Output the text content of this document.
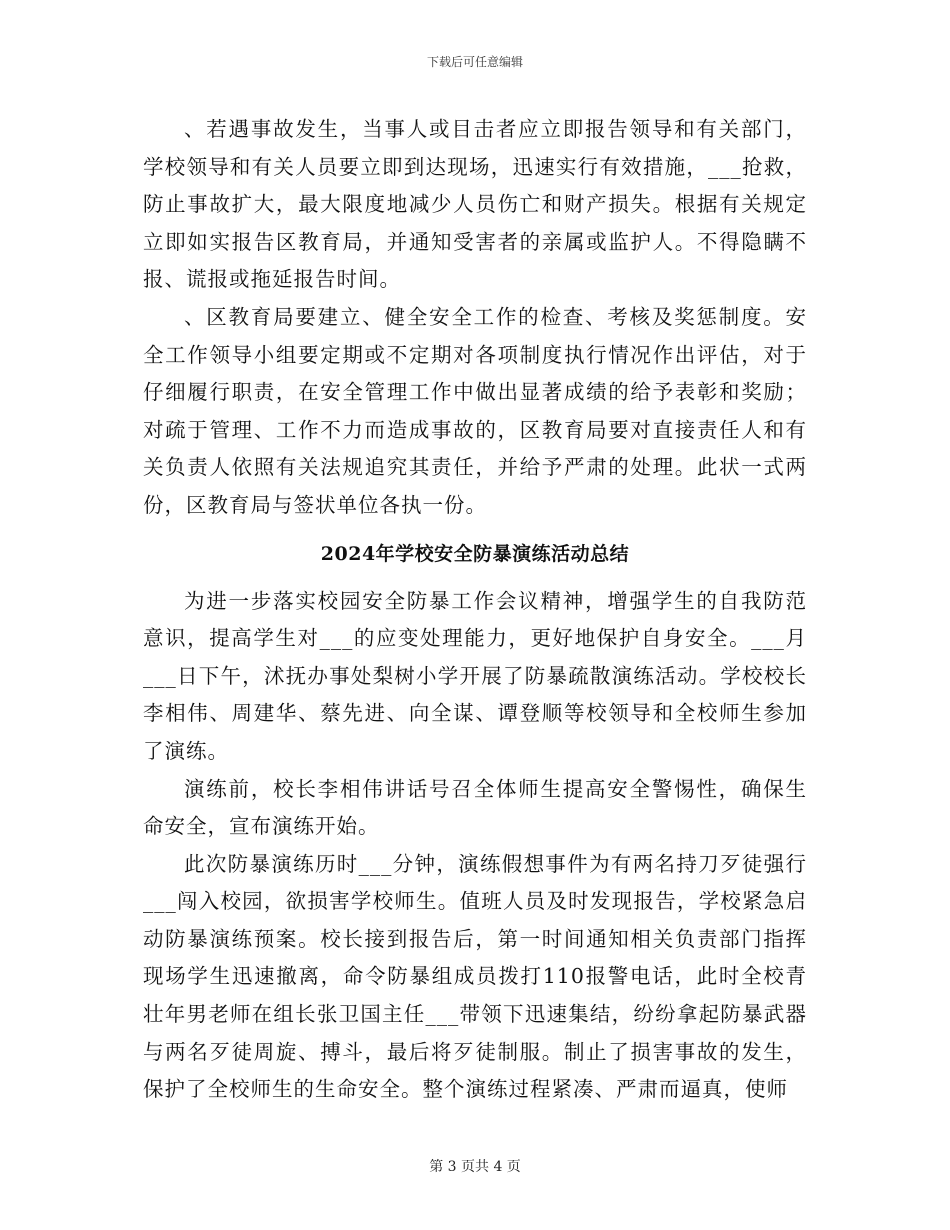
下载后可任意编辑

、若遇事故发生，当事人或目击者应立即报告领导和有关部门，学校领导和有关人员要立即到达现场，迅速实行有效措施，___抢救，防止事故扩大，最大限度地减少人员伤亡和财产损失。根据有关规定立即如实报告区教育局，并通知受害者的亲属或监护人。不得隐瞒不报、谎报或拖延报告时间。

、区教育局要建立、健全安全工作的检查、考核及奖惩制度。安全工作领导小组要定期或不定期对各项制度执行情况作出评估，对于仔细履行职责，在安全管理工作中做出显著成绩的给予表彰和奖励；对疏于管理、工作不力而造成事故的，区教育局要对直接责任人和有关负责人依照有关法规追究其责任，并给予严肃的处理。此状一式两份，区教育局与签状单位各执一份。

2024年学校安全防暴演练活动总结

为进一步落实校园安全防暴工作会议精神，增强学生的自我防范意识，提高学生对___的应变处理能力，更好地保护自身安全。___月___日下午，沭抚办事处梨树小学开展了防暴疏散演练活动。学校校长李相伟、周建华、蔡先进、向全谋、谭登顺等校领导和全校师生参加了演练。

演练前，校长李相伟讲话号召全体师生提高安全警惕性，确保生命安全，宣布演练开始。

此次防暴演练历时___分钟，演练假想事件为有两名持刀歹徒强行___闯入校园，欲损害学校师生。值班人员及时发现报告，学校紧急启动防暴演练预案。校长接到报告后，第一时间通知相关负责部门指挥现场学生迅速撤离，命令防暴组成员拨打110报警电话，此时全校青壮年男老师在组长张卫国主任___带领下迅速集结，纷纷拿起防暴武器与两名歹徒周旋、搏斗，最后将歹徒制服。制止了损害事故的发生，保护了全校师生的生命安全。整个演练过程紧凑、严肃而逼真，使师

第 3 页共 4 页
